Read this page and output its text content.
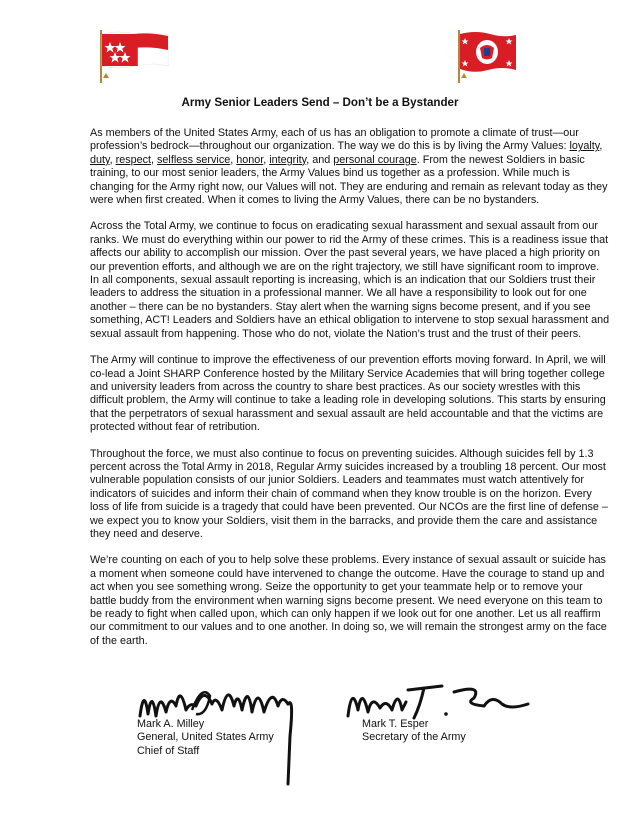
Army Senior Leaders Send – Don’t be a Bystander

As members of the United States Army, each of us has an obligation to promote a climate of trust—our profession’s bedrock—throughout our organization. The way we do this is by living the Army Values: loyalty, duty, respect, selfless service, honor, integrity, and personal courage. From the newest Soldiers in basic training, to our most senior leaders, the Army Values bind us together as a profession. While much is changing for the Army right now, our Values will not. They are enduring and remain as relevant today as they were when first created. When it comes to living the Army Values, there can be no bystanders.

Across the Total Army, we continue to focus on eradicating sexual harassment and sexual assault from our ranks. We must do everything within our power to rid the Army of these crimes. This is a readiness issue that affects our ability to accomplish our mission. Over the past several years, we have placed a high priority on our prevention efforts, and although we are on the right trajectory, we still have significant room to improve. In all components, sexual assault reporting is increasing, which is an indication that our Soldiers trust their leaders to address the situation in a professional manner. We all have a responsibility to look out for one another – there can be no bystanders. Stay alert when the warning signs become present, and if you see something, ACT! Leaders and Soldiers have an ethical obligation to intervene to stop sexual harassment and sexual assault from happening. Those who do not, violate the Nation’s trust and the trust of their peers.

The Army will continue to improve the effectiveness of our prevention efforts moving forward. In April, we will co-lead a Joint SHARP Conference hosted by the Military Service Academies that will bring together college and university leaders from across the country to share best practices. As our society wrestles with this difficult problem, the Army will continue to take a leading role in developing solutions. This starts by ensuring that the perpetrators of sexual harassment and sexual assault are held accountable and that the victims are protected without fear of retribution.

Throughout the force, we must also continue to focus on preventing suicides. Although suicides fell by 1.3 percent across the Total Army in 2018, Regular Army suicides increased by a troubling 18 percent. Our most vulnerable population consists of our junior Soldiers. Leaders and teammates must watch attentively for indicators of suicides and inform their chain of command when they know trouble is on the horizon. Every loss of life from suicide is a tragedy that could have been prevented. Our NCOs are the first line of defense – we expect you to know your Soldiers, visit them in the barracks, and provide them the care and assistance they need and deserve.

We’re counting on each of you to help solve these problems. Every instance of sexual assault or suicide has a moment when someone could have intervened to change the outcome. Have the courage to stand up and act when you see something wrong. Seize the opportunity to get your teammate help or to remove your battle buddy from the environment when warning signs become present. We need everyone on this team to be ready to fight when called upon, which can only happen if we look out for one another. Let us all reaffirm our commitment to our values and to one another. In doing so, we will remain the strongest army on the face of the earth.

Mark A. Milley
General, United States Army
Chief of Staff
Mark T. Esper
Secretary of the Army
